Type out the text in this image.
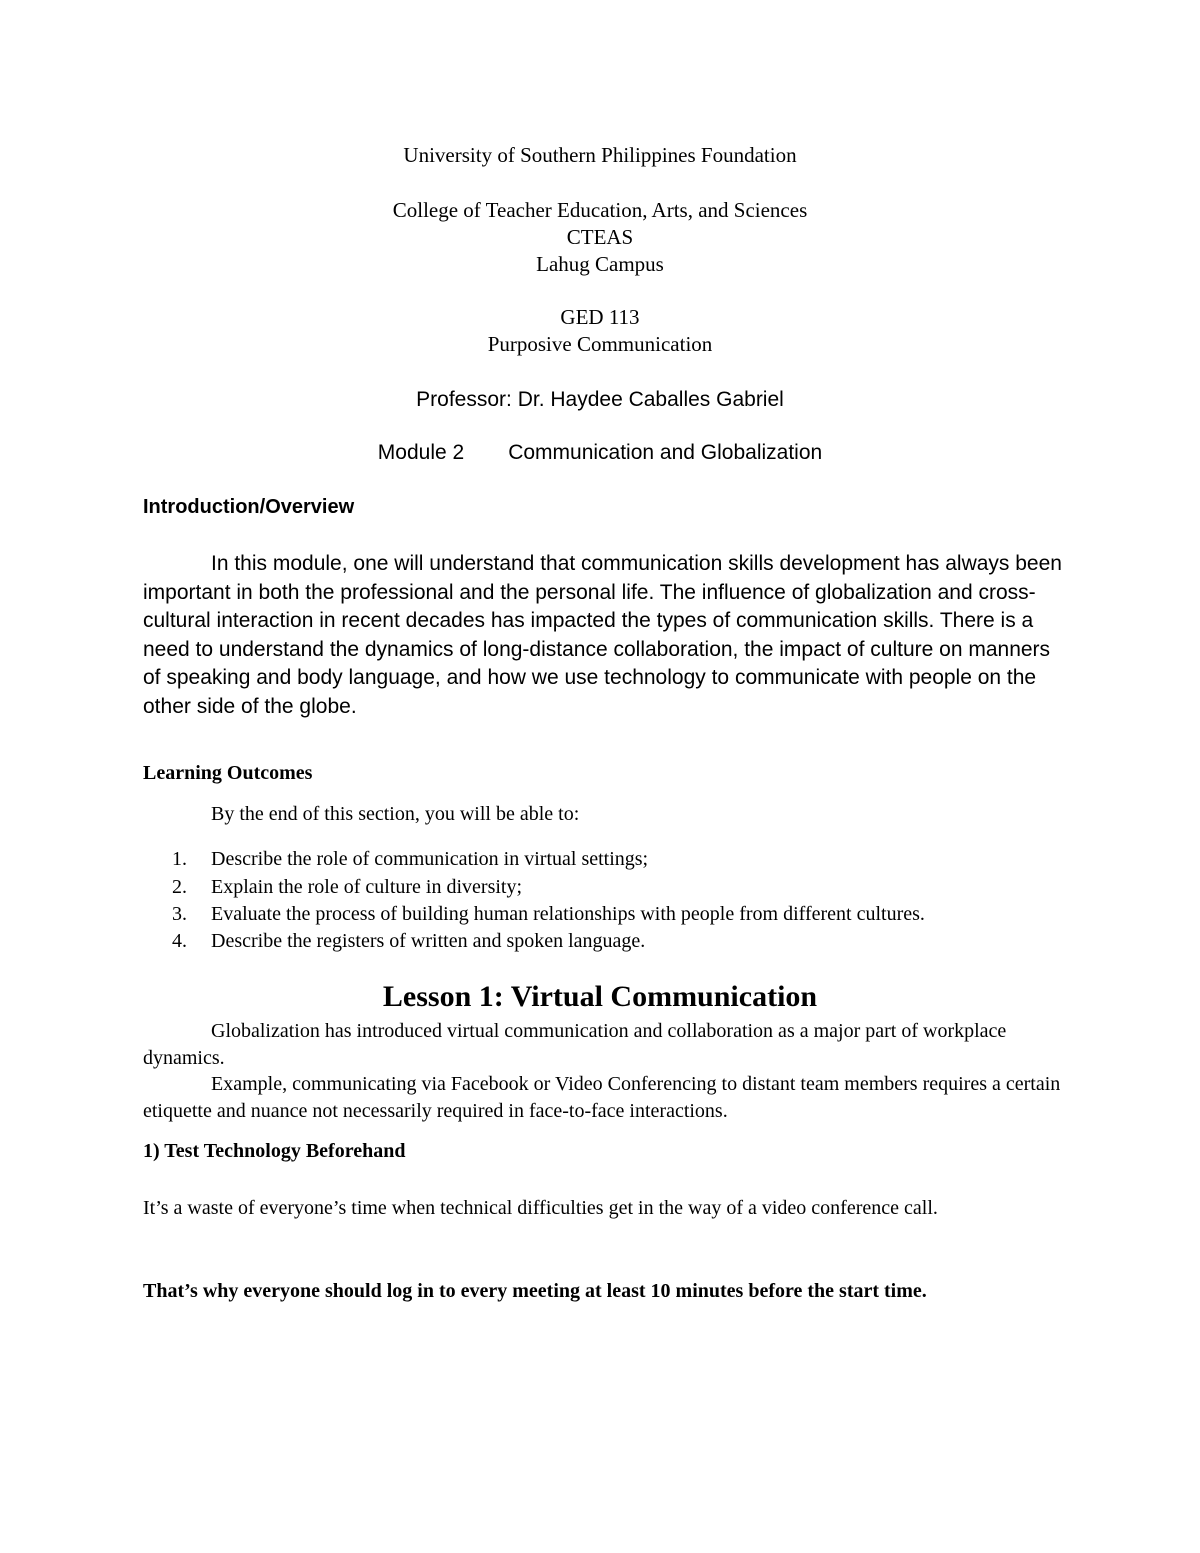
University of Southern Philippines Foundation

College of Teacher Education, Arts, and Sciences

CTEAS

Lahug Campus

GED 113

Purposive Communication

Professor: Dr. Haydee Caballes Gabriel

Module 2 Communication and Globalization

Introduction/Overview

In this module, one will understand that communication skills development has always been important in both the professional and the personal life. The influence of globalization and cross-cultural interaction in recent decades has impacted the types of communication skills. There is a need to understand the dynamics of long-distance collaboration, the impact of culture on manners of speaking and body language, and how we use technology to communicate with people on the other side of the globe.

Learning Outcomes

By the end of this section, you will be able to:

1. Describe the role of communication in virtual settings;
2. Explain the role of culture in diversity;
3. Evaluate the process of building human relationships with people from different cultures.
4. Describe the registers of written and spoken language.

Lesson 1: Virtual Communication

Globalization has introduced virtual communication and collaboration as a major part of workplace dynamics.

Example, communicating via Facebook or Video Conferencing to distant team members requires a certain etiquette and nuance not necessarily required in face-to-face interactions.

1) Test Technology Beforehand

It’s a waste of everyone’s time when technical difficulties get in the way of a video conference call.

That’s why everyone should log in to every meeting at least 10 minutes before the start time.
